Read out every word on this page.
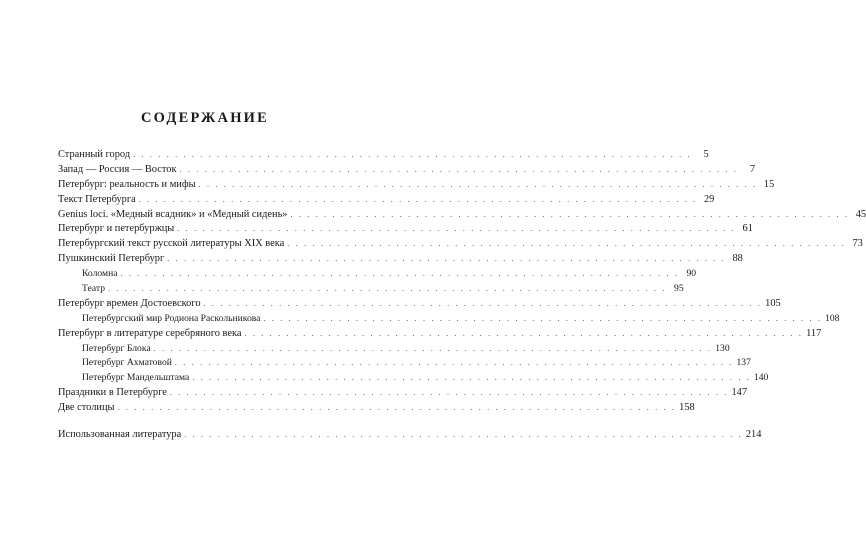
СОДЕРЖАНИЕ
Странный город . . . . . . . . . . . . . . . . . . . . . . . . . . . . . . . . . . . . . . . . . . . . . . . . . . . . . . . . . . . . . . . . . . .	5
Запад — Россия — Восток . . . . . . . . . . . . . . . . . . . . . . . . . . . . . . . . . . . . . . . . . . . . . . . . . . . . . . . . . . . . . . . . . . .	7
Петербург: реальность и мифы . . . . . . . . . . . . . . . . . . . . . . . . . . . . . . . . . . . . . . . . . . . . . . . . . . . . . . . . . . . . . . . . . . . 15
Текст Петербурга . . . . . . . . . . . . . . . . . . . . . . . . . . . . . . . . . . . . . . . . . . . . . . . . . . . . . . . . . . . . . . . . . . . 29
Genius loci. «Медный всадник» и «Медный сидень» . . . . . . . . . . . . . . . . . . . . . . . . . . . . . . . . . . . . . . . . . . . . . . . . . . . . . . . . . . . . . . . . . . . 45
Петербург и петербуржцы . . . . . . . . . . . . . . . . . . . . . . . . . . . . . . . . . . . . . . . . . . . . . . . . . . . . . . . . . . . . . . . . . . . 61
Петербургский текст русской литературы XIX века . . . . . . . . . . . . . . . . . . . . . . . . . . . . . . . . . . . . . . . . . . . . . . . . . . . . . . . . . . . . . . . . . . . 73
Пушкинский Петербург . . . . . . . . . . . . . . . . . . . . . . . . . . . . . . . . . . . . . . . . . . . . . . . . . . . . . . . . . . . . . . . . . . . 88
Коломна . . . . . . . . . . . . . . . . . . . . . . . . . . . . . . . . . . . . . . . . . . . . . . . . . . . . . . . . . . . . . . . . . . . 90
Театр . . . . . . . . . . . . . . . . . . . . . . . . . . . . . . . . . . . . . . . . . . . . . . . . . . . . . . . . . . . . . . . . . . . 95
Петербург времен Достоевского . . . . . . . . . . . . . . . . . . . . . . . . . . . . . . . . . . . . . . . . . . . . . . . . . . . . . . . . . . . . . . . . . . . 105
Петербургский мир Родиона Раскольникова . . . . . . . . . . . . . . . . . . . . . . . . . . . . . . . . . . . . . . . . . . . . . . . . . . . . . . . . . . . . . . . . . . . 108
Петербург в литературе серебряного века . . . . . . . . . . . . . . . . . . . . . . . . . . . . . . . . . . . . . . . . . . . . . . . . . . . . . . . . . . . . . . . . . . . 117
Петербург Блока . . . . . . . . . . . . . . . . . . . . . . . . . . . . . . . . . . . . . . . . . . . . . . . . . . . . . . . . . . . . . . . . . . . 130
Петербург Ахматовой . . . . . . . . . . . . . . . . . . . . . . . . . . . . . . . . . . . . . . . . . . . . . . . . . . . . . . . . . . . . . . . . . . . 137
Петербург Мандельштама . . . . . . . . . . . . . . . . . . . . . . . . . . . . . . . . . . . . . . . . . . . . . . . . . . . . . . . . . . . . . . . . . . . 140
Праздники в Петербурге . . . . . . . . . . . . . . . . . . . . . . . . . . . . . . . . . . . . . . . . . . . . . . . . . . . . . . . . . . . . . . . . . . . 147
Две столицы . . . . . . . . . . . . . . . . . . . . . . . . . . . . . . . . . . . . . . . . . . . . . . . . . . . . . . . . . . . . . . . . . . . 158
Использованная литература . . . . . . . . . . . . . . . . . . . . . . . . . . . . . . . . . . . . . . . . . . . . . . . . . . . . . . . . . . . . . . . . . . . 214
